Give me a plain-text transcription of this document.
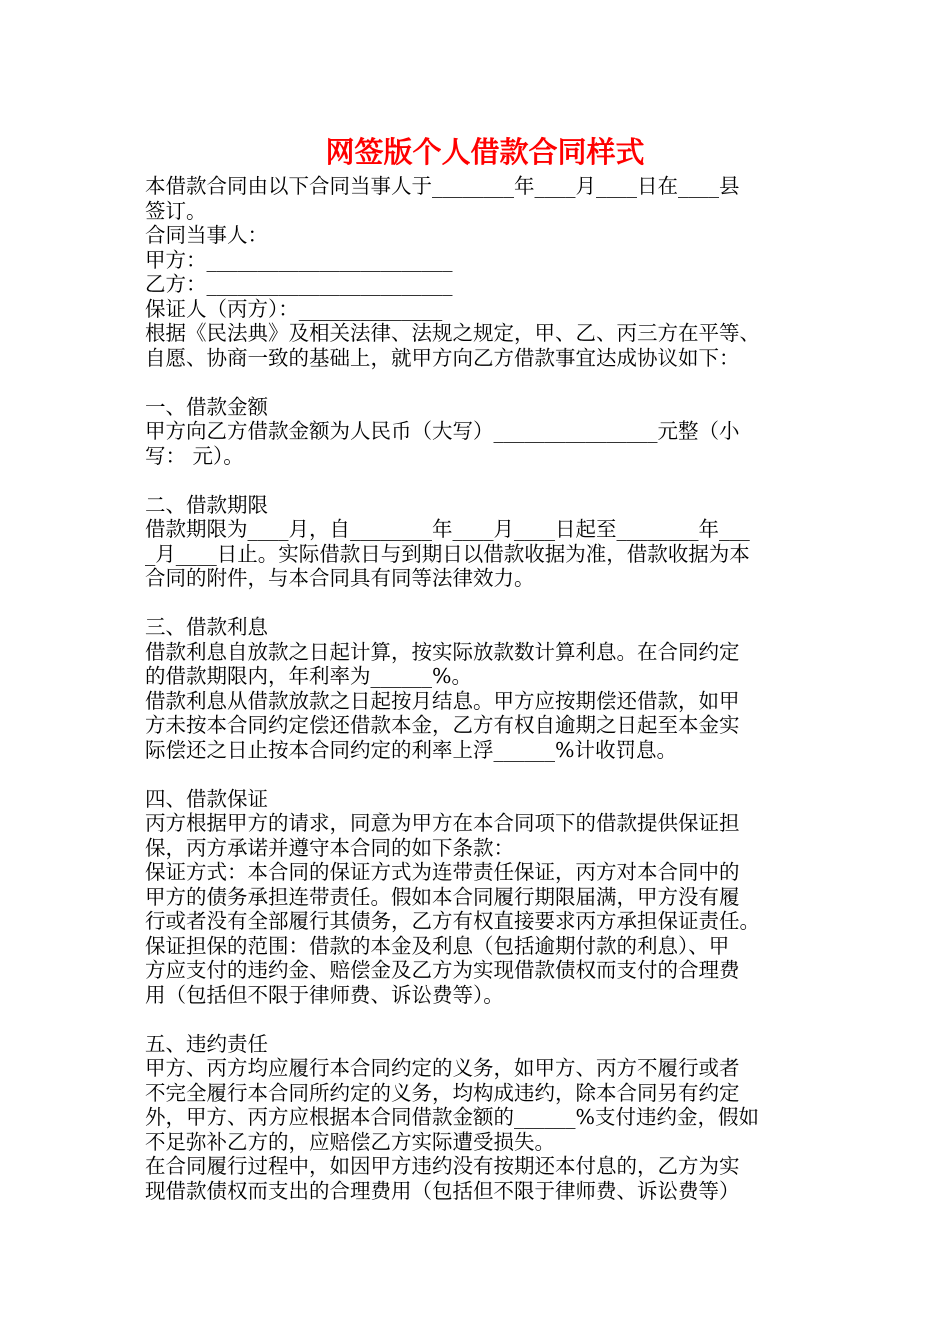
网签版个人借款合同样式

本借款合同由以下合同当事人于________年____月____日在____县

签订。

合同当事人：

甲方：________________________

乙方：________________________

保证人（丙方）：______________

根据《民法典》及相关法律、法规之规定，甲、乙、丙三方在平等、

自愿、协商一致的基础上，就甲方向乙方借款事宜达成协议如下：

一、借款金额

甲方向乙方借款金额为人民币（大写）________________元整（小

写： 元）。

二、借款期限

借款期限为____月，自________年____月____日起至________年___

_月____日止。实际借款日与到期日以借款收据为准，借款收据为本

合同的附件，与本合同具有同等法律效力。

三、借款利息

借款利息自放款之日起计算，按实际放款数计算利息。在合同约定

的借款期限内，年利率为______%。

借款利息从借款放款之日起按月结息。甲方应按期偿还借款，如甲

方未按本合同约定偿还借款本金，乙方有权自逾期之日起至本金实

际偿还之日止按本合同约定的利率上浮______%计收罚息。

四、借款保证

丙方根据甲方的请求，同意为甲方在本合同项下的借款提供保证担

保，丙方承诺并遵守本合同的如下条款：

保证方式：本合同的保证方式为连带责任保证，丙方对本合同中的

甲方的债务承担连带责任。假如本合同履行期限届满，甲方没有履

行或者没有全部履行其债务，乙方有权直接要求丙方承担保证责任。

保证担保的范围：借款的本金及利息（包括逾期付款的利息）、甲

方应支付的违约金、赔偿金及乙方为实现借款债权而支付的合理费

用（包括但不限于律师费、诉讼费等）。

五、违约责任

甲方、丙方均应履行本合同约定的义务，如甲方、丙方不履行或者

不完全履行本合同所约定的义务，均构成违约，除本合同另有约定

外，甲方、丙方应根据本合同借款金额的______%支付违约金，假如

不足弥补乙方的，应赔偿乙方实际遭受损失。

在合同履行过程中，如因甲方违约没有按期还本付息的，乙方为实

现借款债权而支出的合理费用（包括但不限于律师费、诉讼费等）
